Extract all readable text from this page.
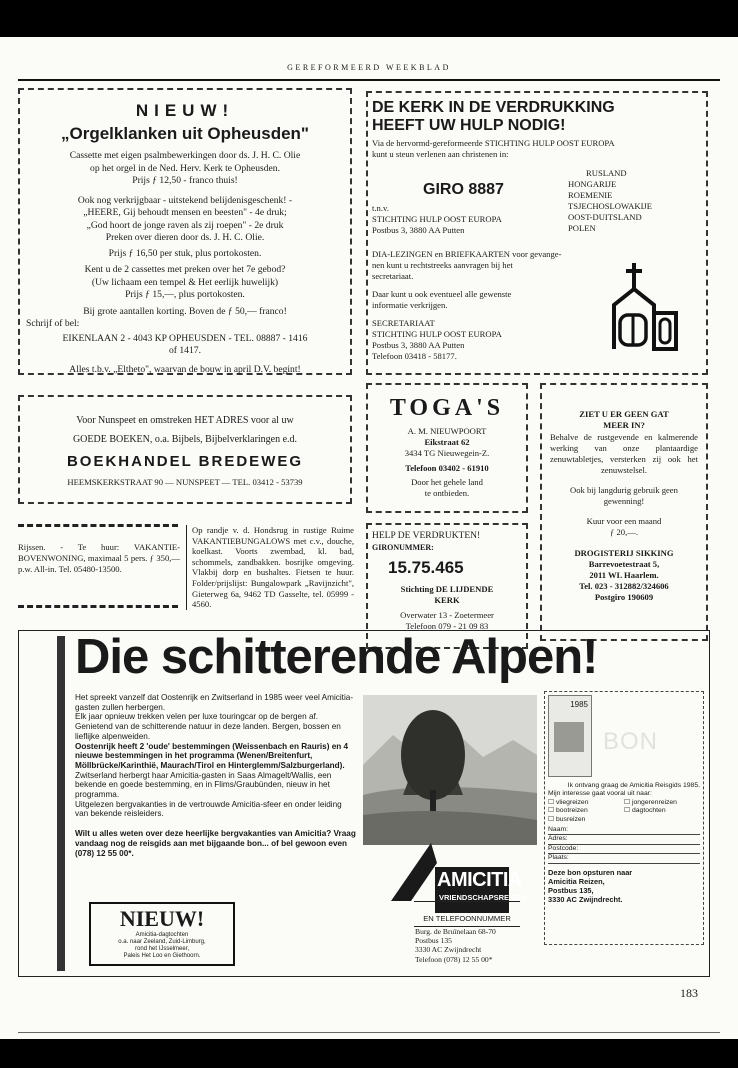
GEREFORMEERD WEEKBLAD
NIEUW!
„Orgelklanken uit Opheusden"

Cassette met eigen psalmbewerkingen door ds. J. H. C. Olie

op het orgel in de Ned. Herv. Kerk te Opheusden.

Prijs ƒ 12,50 - franco thuis!

Ook nog verkrijgbaar - uitstekend belijdenisgeschenk! -

„HEERE, Gij behoudt mensen en beesten" - 4e druk;

„God hoort de jonge raven als zij roepen" - 2e druk

Preken over dieren door ds. J. H. C. Olie.

Prijs ƒ 16,50 per stuk, plus portokosten.

Kent u de 2 cassettes met preken over het 7e gebod?

(Uw lichaam een tempel & Het eerlijk huwelijk)

Prijs ƒ 15,—, plus portokosten.

Bij grote aantallen korting. Boven de ƒ 50,— franco!

Schrijf of bel:

EIKENLAAN 2 - 4043 KP OPHEUSDEN - TEL. 08887 - 1416

of 1417.

Alles t.b.v. „Eltheto", waarvan de bouw in april D.V. begint!

DE KERK IN DE VERDRUKKING

HEEFT UW HULP NODIG!

Via de hervormd-gereformeerde STICHTING HULP OOST EUROPA

kunt u steun verlenen aan christenen in:

RUSLAND

HONGARIJE

ROEMENIE

TSJECHOSLOWAKIJE

OOST-DUITSLAND

POLEN

GIRO 8887

t.n.v.

STICHTING HULP OOST EUROPA

Postbus 3, 3880 AA Putten

DIA-LEZINGEN en BRIEFKAARTEN voor gevange-

nen kunt u rechtstreeks aanvragen bij het

secretariaat.

Daar kunt u ook eventueel alle gewenste

informatie verkrijgen.

SECRETARIAAT

STICHTING HULP OOST EUROPA

Postbus 3, 3880 AA Putten

Telefoon 03418 - 58177.

Voor Nunspeet en omstreken HET ADRES voor al uw
GOEDE BOEKEN, o.a. Bijbels, Bijbelverklaringen e.d.
BOEKHANDEL BREDEWEG
HEEMSKERKSTRAAT 90 — NUNSPEET — TEL. 03412 - 53739
Rijssen. - Te huur: VAKANTIE-BOVENWONING, maximaal 5 pers. ƒ 350,— p.w. All-in. Tel. 05480-13500.
Op randje v. d. Hondsrug in rustige Ruime VAKANTIEBUNGALOWS met c.v., douche, koelkast. Voorts zwembad, kl. bad, schommels, zandbakken. bosrijke omgeving. Vlakbij dorp en bushaltes. Fietsen te huur. Folder/prijslijst: Bungalowpark „Ravijnzicht", Gieterweg 6a, 9462 TD Gasselte, tel. 05999 - 4560.
TOGA'S

A. M. NIEUWPOORT

Eikstraat 62

3434 TG Nieuwegein-Z.

Telefoon 03402 - 61910

Door het gehele land

te ontbieden.

HELP DE VERDRUKTEN!

GIRONUMMER:

15.75.465

Stichting DE LIJDENDE

KERK

Overwater 13 - Zoetermeer

Telefoon 079 - 21 09 83

ZIET U ER GEEN GAT

MEER IN?

Behalve de rustgevende en kalmerende werking van onze plantaardige zenuwtabletjes, versterken zij ook het zenuwstelsel.
Ook bij langdurig gebruik geen gewenning!

Kuur voor een maand

ƒ 20,—.

DROGISTERIJ SIKKING

Barrevoetestraat 5,

2011 WL Haarlem.

Tel. 023 - 312882/324606

Postgiro 190609

Die schitterende Alpen!

Het spreekt vanzelf dat Oostenrijk en Zwitserland in 1985 weer veel Amicitia-gasten zullen herbergen.

Elk jaar opnieuw trekken velen per luxe touringcar op de bergen af. Genietend van de schitterende natuur in deze landen. Bergen, bossen en lieflijke alpenweiden.

Oostenrijk heeft 2 'oude' bestemmingen (Weissenbach en Rauris) en 4 nieuwe bestemmingen in het programma (Wenen/Breitenfurt, Möllbrücke/Karinthië, Maurach/Tirol en Hinterglemm/Salzburgerland).

Zwitserland herbergt haar Amicitia-gasten in Saas Almagelt/Wallis, een bekende en goede bestemming, en in Flims/Graubünden, nieuw in het programma.

Uitgelezen bergvakanties in de vertrouwde Amicitia-sfeer en onder leiding van bekende reisleiders.

Wilt u alles weten over deze heerlijke bergvakanties van Amicitia? Vraag vandaag nog de reisgids aan met bijgaande bon... of bel gewoon even (078) 12 55 00*.

NIEUW!

Amicitia-dagtochten

o.a. naar Zeeland, Zuid-Limburg,

rond het IJsselmeer,

Paleis Het Loo en Giethoorn.

AMICITIA
VRIENDSCHAPSREIZEN

NIEUW ADRES

EN TELEFOONNUMMER

Burg. de Bruïnelaan 68-70

Postbus 135

3330 AC Zwijndrecht

Telefoon (078) 12 55 00*

1985
BON

Ik ontvang graag de Amicitia Reisgids 1985.

Mijn interesse gaat vooral uit naar:

☐ vliegreizen	☐ jongerenreizen
☐ bootreizen	☐ dagtochten
☐ busreizen

Naam:

Adres:

Postcode:

Plaats:

Deze bon opsturen naar

Amicitia Reizen,

Postbus 135,

3330 AC Zwijndrecht.

183
